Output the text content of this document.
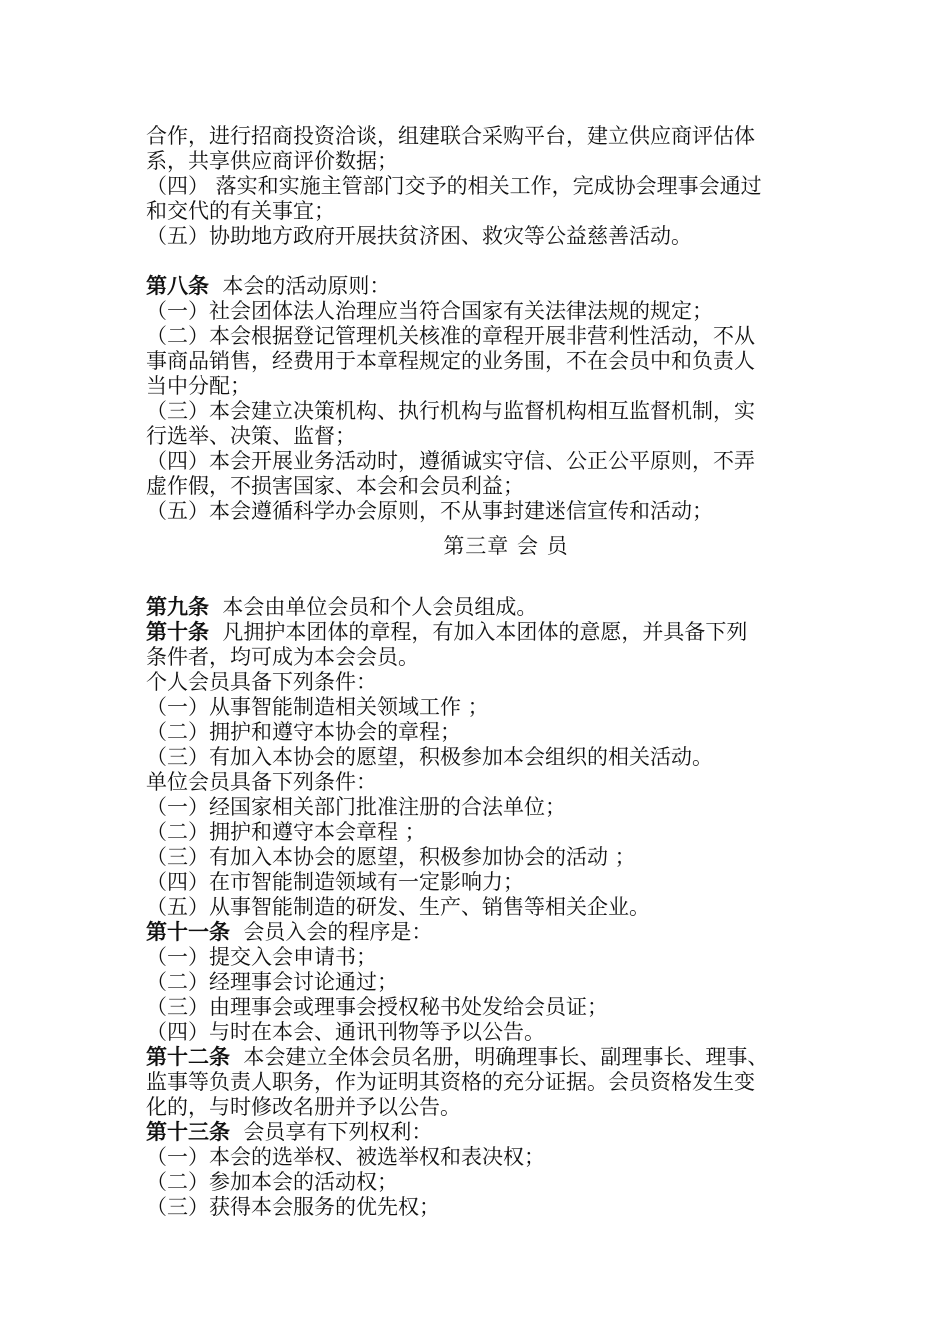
合作，进行招商投资洽谈，组建联合采购平台，建立供应商评估体
系，共享供应商评价数据；
（四） 落实和实施主管部门交予的相关工作，完成协会理事会通过
和交代的有关事宜；
（五）协助地方政府开展扶贫济困、救灾等公益慈善活动。
第八条  本会的活动原则：
（一）社会团体法人治理应当符合国家有关法律法规的规定；
（二）本会根据登记管理机关核准的章程开展非营利性活动，不从
事商品销售，经费用于本章程规定的业务围，不在会员中和负责人
当中分配；
（三）本会建立决策机构、执行机构与监督机构相互监督机制，实
行选举、决策、监督；
（四）本会开展业务活动时，遵循诚实守信、公正公平原则，不弄
虚作假，不损害国家、本会和会员利益；
（五）本会遵循科学办会原则，不从事封建迷信宣传和活动；
第三章 会 员
第九条  本会由单位会员和个人会员组成。
第十条  凡拥护本团体的章程，有加入本团体的意愿，并具备下列
条件者，均可成为本会会员。
个人会员具备下列条件：
（一）从事智能制造相关领域工作 ；
（二）拥护和遵守本协会的章程；
（三）有加入本协会的愿望，积极参加本会组织的相关活动。
单位会员具备下列条件：
（一）经国家相关部门批准注册的合法单位；
（二）拥护和遵守本会章程 ；
（三）有加入本协会的愿望，积极参加协会的活动 ；
（四）在市智能制造领域有一定影响力；
（五）从事智能制造的研发、生产、销售等相关企业。
第十一条  会员入会的程序是：
（一）提交入会申请书；
（二）经理事会讨论通过；
（三）由理事会或理事会授权秘书处发给会员证；
（四）与时在本会、通讯刊物等予以公告。
第十二条  本会建立全体会员名册，明确理事长、副理事长、理事、
监事等负责人职务，作为证明其资格的充分证据。会员资格发生变
化的，与时修改名册并予以公告。
第十三条  会员享有下列权利：
（一）本会的选举权、被选举权和表决权；
（二）参加本会的活动权；
（三）获得本会服务的优先权；
